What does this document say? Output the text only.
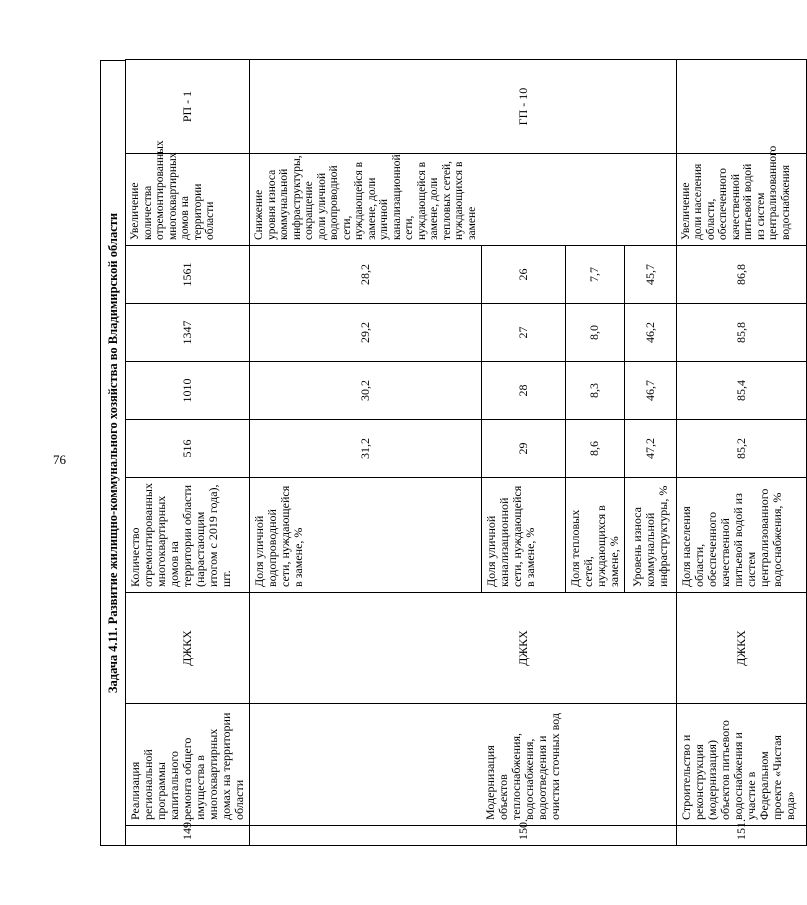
76	Задача 4.11. Развитие жилищно-коммунального хозяйства во Владимирской области
149.	Реализация региональной программы капитального ремонта общего имущества в многоквартирных домах на территории области	ДЖКХ	Количество отремонтированных многоквартирных домов на территории области (нарастающим итогом с 2019 года), шт.	516	1010	1347	1561	Увеличение количества отремонтированных многоквартирных домов на территории области	РП - 1
			Доля уличной водопроводной сети, нуждающейся в замене, %	31,2	30,2	29,2	28,2	Снижение уровня износа коммунальной инфраструктуры, сокращение доли уличной водопроводной сети, нуждающейся в замене, доли уличной канализационной сети, нуждающейся в замене, доли тепловых сетей, нуждающихся в замене	
150.	Модернизация объектов теплоснабжения, водоснабжения, водоотведения и очистки сточных вод	ДЖКХ	Доля уличной канализационной сети, нуждающейся в замене, %	29	28	27	26		ГП - 10
			Доля тепловых сетей, нуждающихся в замене, %	8,6	8,3	8,0	7,7		
			Уровень износа коммунальной инфраструктуры, %	47,2	46,7	46,2	45,7		
151.	Строительство и реконструкция (модернизация) объектов питьевого водоснабжения и участие в Федеральном проекте «Чистая вода»	ДЖКХ	Доля населения области, обеспеченного качественной питьевой водой из систем централизованного водоснабжения, %	85,2	85,4	85,8	86,8	Увеличение доли населения области, обеспеченного качественной питьевой водой из систем централизованного водоснабжения	
